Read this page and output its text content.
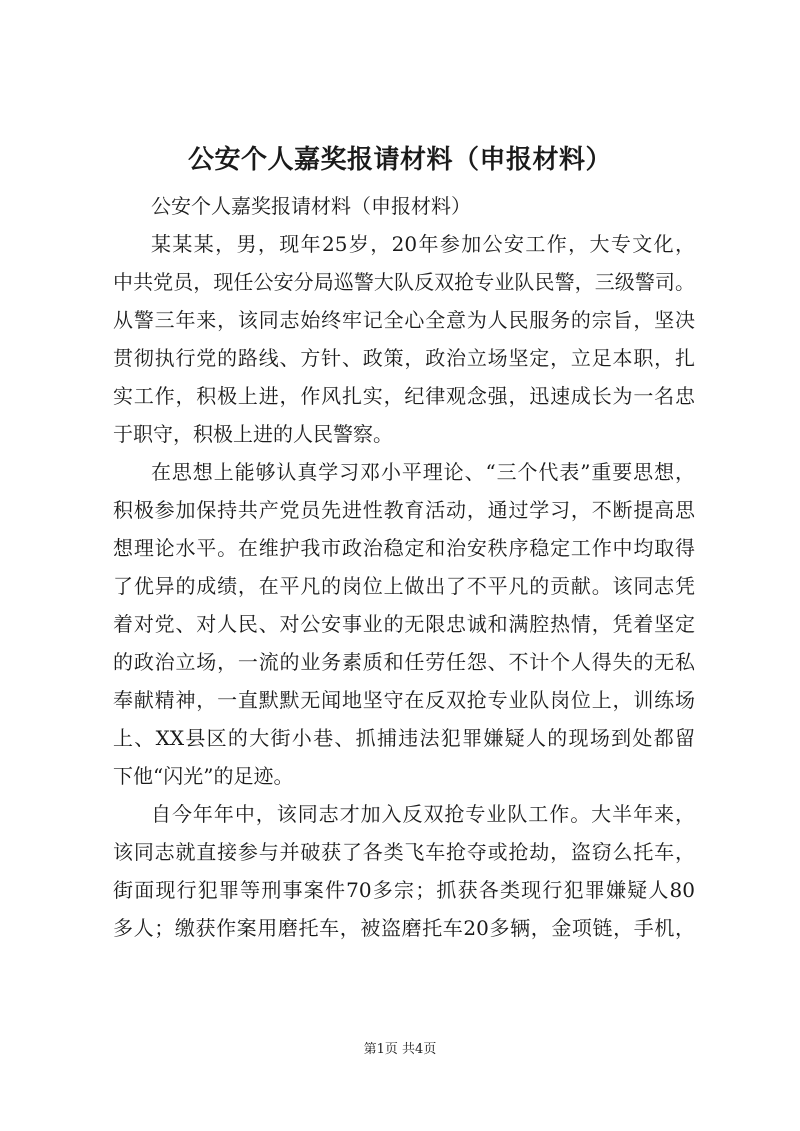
公安个人嘉奖报请材料（申报材料）
公安个人嘉奖报请材料（申报材料）
某某某，男，现年25岁，20年参加公安工作，大专文化，
中共党员，现任公安分局巡警大队反双抢专业队民警，三级警司。
从警三年来，该同志始终牢记全心全意为人民服务的宗旨，坚决
贯彻执行党的路线、方针、政策，政治立场坚定，立足本职，扎
实工作，积极上进，作风扎实，纪律观念强，迅速成长为一名忠
于职守，积极上进的人民警察。
在思想上能够认真学习邓小平理论、“三个代表”重要思想，
积极参加保持共产党员先进性教育活动，通过学习，不断提高思
想理论水平。在维护我市政治稳定和治安秩序稳定工作中均取得
了优异的成绩，在平凡的岗位上做出了不平凡的贡献。该同志凭
着对党、对人民、对公安事业的无限忠诚和满腔热情，凭着坚定
的政治立场，一流的业务素质和任劳任怨、不计个人得失的无私
奉献精神，一直默默无闻地坚守在反双抢专业队岗位上，训练场
上、XX县区的大街小巷、抓捕违法犯罪嫌疑人的现场到处都留
下他“闪光”的足迹。
自今年年中，该同志才加入反双抢专业队工作。大半年来，
该同志就直接参与并破获了各类飞车抢夺或抢劫，盗窃么托车，
街面现行犯罪等刑事案件70多宗；抓获各类现行犯罪嫌疑人80
多人；缴获作案用磨托车，被盗磨托车20多辆，金项链，手机，
第1页 共4页
